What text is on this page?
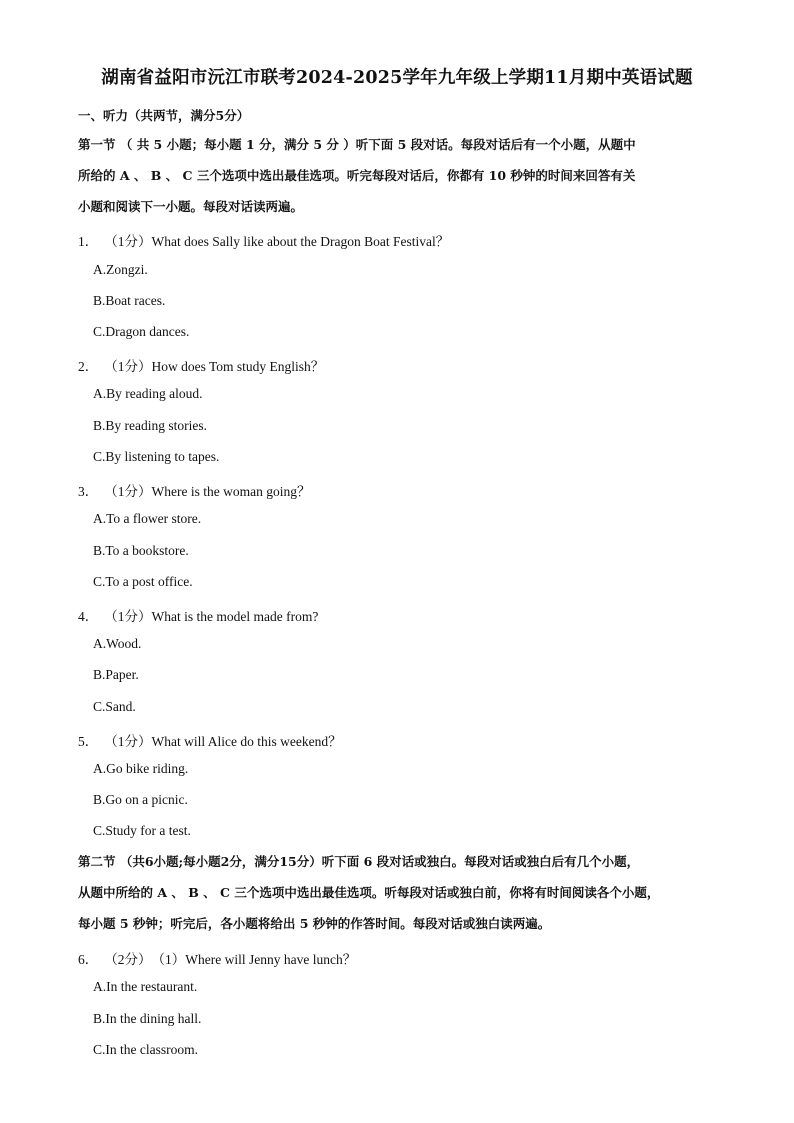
湖南省益阳市沅江市联考2024-2025学年九年级上学期11月期中英语试题
一、听力（共两节，满分5分）
第一节 （ 共 5 小题；每小题 1 分，满分 5 分 ）听下面 5 段对话。每段对话后有一个小题，从题中
所给的 A 、 B 、 C 三个选项中选出最佳选项。听完每段对话后，你都有 10 秒钟的时间来回答有关
小题和阅读下一小题。每段对话读两遍。
1． （1分）What does Sally like about the Dragon Boat Festival？
A.Zongzi.
B.Boat races.
C.Dragon dances.
2． （1分）How does Tom study English？
A.By reading aloud.
B.By reading stories.
C.By listening to tapes.
3． （1分）Where is the woman going？
A.To a flower store.
B.To a bookstore.
C.To a post office.
4． （1分）What is the model made from?
A.Wood.
B.Paper.
C.Sand.
5． （1分）What will Alice do this weekend？
A.Go bike riding.
B.Go on a picnic.
C.Study for a test.
第二节 （共6小题;每小题2分，满分15分）听下面 6 段对话或独白。每段对话或独白后有几个小题，
从题中所给的 A 、 B 、 C 三个选项中选出最佳选项。听每段对话或独白前，你将有时间阅读各个小题，
每小题 5 秒钟；听完后，各小题将给出 5 秒钟的作答时间。每段对话或独白读两遍。
6． （2分）（1）Where will Jenny have lunch？
A.In the restaurant.
B.In the dining hall.
C.In the classroom.
